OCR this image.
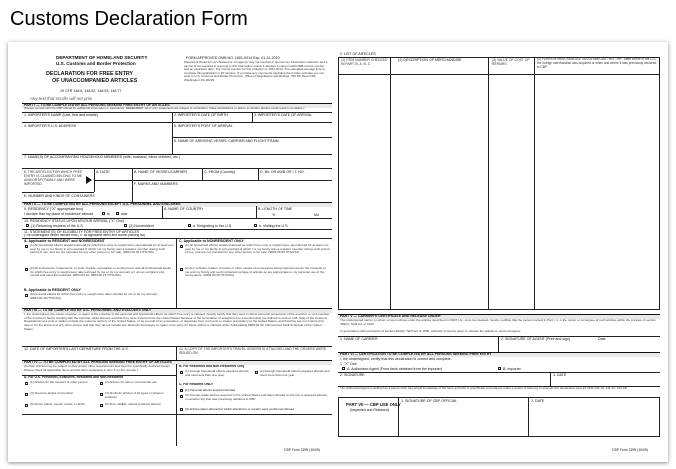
Customs Declaration Form
DEPARTMENT OF HOMELAND SECURITY
U.S. Customs and Border Protection
DECLARATION FOR FREE ENTRY
OF UNACCOMPANIED ARTICLES
19 CFR 148.6, 148.52, 148.53, 148.77
Any text that scrolls will not print
FORM APPROVED OMB NO. 1651-0014 Exp. 01-31-2010
Paperwork Reduction Act Statement: An agency may not conduct or sponsor an information collection and a person is not required to respond to this information unless it displays a current valid OMB control number and an expiration date. The control number for this collection is 1651-0014. The estimated average time to complete this application is 45 minutes. If you have any comments regarding the burden estimate you can write to U.S. Customs and Border Protection, Office of Regulations and Rulings, 799 9th Street NW, Washington DC 20229.
PART I — TO BE COMPLETED BY ALL PERSONS SEEKING FREE ENTRY OF ARTICLES
(Please consult with the CBP official for additional information or assistance. REMEMBER: All of your statements are subject to verification. False declarations or failure to declare articles could result in penalties.)
1. IMPORTER'S NAME (Last, first and middle)	2. IMPORTER'S DATE OF BIRTH	3. IMPORTER'S DATE OF ARRIVAL
4. IMPORTER'S U.S. ADDRESS	5. IMPORTER'S PORT OF ARRIVAL
6. NAME OF ARRIVING VESSEL CARRIER AND FLIGHT/TRAIN
7. NAME(S) OF ACCOMPANYING HOUSEHOLD MEMBERS (wife, husband, minor children, etc.)
8. THE ARTICLES FOR WHICH FREE ENTRY IS CLAIMED BELONG TO ME AND/OR MY FAMILY AND WERE IMPORTED
A. DATE	B. NAME OF VESSEL/CARRIER	C. FROM (Country)	D. B/L OR AWB OR I.T. NO.
E. NUMBER AND KINDS OF CONTAINERS
F. MARKS AND NUMBERS
PART II — TO BE COMPLETED BY ALL PERSONS EXCEPT U.S. PERSONNEL AND EVACUEES
9. RESIDENCY ("X" appropriate box)
I declare that my place of residence abroad	is	was
A. NAME OF COUNTRY	B. LENGTH OF TIME
Yr	Mo
10. RESIDENCY STATUS UPON MY/OUR ARRIVAL ("X" One)
(1) Returning resident of the U.S.	(2) Nonresident	a. Emigrating to the U.S.	b. Visiting the U.S.
11. STATEMENT(S) OF ELIGIBILITY FOR FREE ENTRY OF ARTICLES
(The undersigned further declare that ("X" all applicable items and submit packing list)
A. Applicable to RESIDENT and NONRESIDENT
(1) All household effects acquired abroad for which free entry is sought were used abroad for at least one year by me or my family in a household of which I or my family was a resident member during such period of use, and are not intended for any other person or for sale. (9804.00.05 HTSUSA)
(2) All instruments, implements, or tools of trade, occupation or employment, and all professional books for which free entry is sought were taken abroad by me or for my account or I am an emigrant who owned and used them abroad. (9804.00.10, 9804.00.15 HTSUSA)
B. Applicable to RESIDENT ONLY
All personal effects for which free entry is sought were taken abroad by me or for my account. (9804.00.45 HTSUSA)
C. Applicable to NONRESIDENT ONLY
(1) All household effects acquired abroad for which free entry is sought were used abroad for at least one year by me or my family in a household of which I or my family was a resident member during such period of use, and are not intended for any other person or for sale. (9804.00.05 HTSUSA)
(2) Any vehicles, trailers, bicycles or other means of conveyance being imported are for the transport of me and my family and such incidental carriage of articles as are appropriate to my personal use of the conveyance. (9804.00.35 HTSUSA)
PART III — TO BE COMPLETED BY U.S. PERSONNEL AND EVACUEES ONLY
I, the undersigned, the owner, importer, or agent of the importer of the personal and household effects for which free entry is claimed, hereby certify that they were in direct personal possession of the importer, or of a member of the importer's family residing with the importer, while abroad, and that they were imported into the United States because of the termination of assignment to extended duty (as defined in section 148.74(a) of the Customs Regulations) at a post or station outside the customs territory of the United States, or as a result of an evacuation, or departure from such post or station preparatory to the United States, and that they are not imported for sale or for the account of any other person and that they do not include any alcoholic beverages or cigars. Free entry for these effects is claimed under Subheading 9805.00.50, Harmonized Tariff Schedule of the United States.
12. DATE OF IMPORTER'S LAST DEPARTURE FROM THE U.S.	13. A COPY OF THE IMPORTER'S TRAVEL ORDERS IS ATTACHED AND THE ORDERS WERE ISSUED ON
PART IV — TO BE COMPLETED BY ALL PERSONS SEEKING FREE ENTRY OF ARTICLES
(Certain articles may be subject to duty and/or other requirements and must be specifically declared herein. Please check all applicable items and list them separately in item 5 on the reverse.)
A. For U.S. Personnel, Evacuees, Residents and Non-Residents
(1) Articles for the account of other person	(2) Articles for sale or commercial use
(3) Firearms and/or ammunition	(4) Alcoholic articles of all types or tobacco products
(5) Fruits, plants, seeds, meats, or birds	(6) Fish, wildlife, animal products thereof
B. For Residents and Non-Residents Only
(1) Foreign household effects acquired abroad and used less than one year
(2) Foreign household effects acquired abroad and used more than one year
C. For Resident ONLY
(1) Personal effects acquired abroad
(2) Foreign-made articles acquired in the United States and taken abroad on the trip or acquired abroad on another trip that was previously declared to CBP
(3) Articles taken abroad for which alterations or repairs were performed abroad
CBP Form 3299 (10/09)
2. LIST OF ARTICLES
(1) ITEM NUMBER CHECKED IN PART IV, A, B, C
(2) DESCRIPTION OF MERCHANDISE	(3) VALUE OF COST OF REPAIRS
(4) FOREIGN MERCHANDISE TAKEN ABROAD THIS TRIP. State where in the U.S. the foreign merchandise was acquired or when and where it was previously declared to CBP
PART V — CARRIER'S CERTIFICATE AND RELEASE ORDER
The undersigned carrier, to whom or upon whose order the articles described in PART I.E., must be released, hereby certifies that the person named in Part I, 1. is the owner or consignee of such articles within the purview of section 484(h), Tariff Act of 1930.
In accordance with provisions of section 484(h), Tariff Act of 1930, authority is hereby given to release the articles to such consignee.
1. NAME OF CARRIER	2. SIGNATURE OF AGENT (Print and sign)	Date
PART VI — CERTIFICATION TO BE COMPLETED BY ALL PERSONS SEEKING FREE ENTRY
I, the undersigned, certify that this declaration is correct and complete.
1. "X" One
A. Authorized Agent (From facts obtained from the importer)	B. Importer
2. SIGNATURE	3. DATE
*An Authorized Agent is defined as a person who has actual knowledge of the facts and who is specifically empowered under a power of attorney to execute this declaration (see 19 CFR 141.19; 141.32; 141.33)
PART VII — CBP USE ONLY
(Inspected and Released)
1. SIGNATURE OF CBP OFFICIAL	2. DATE
CBP Form 3299 (10/09)
